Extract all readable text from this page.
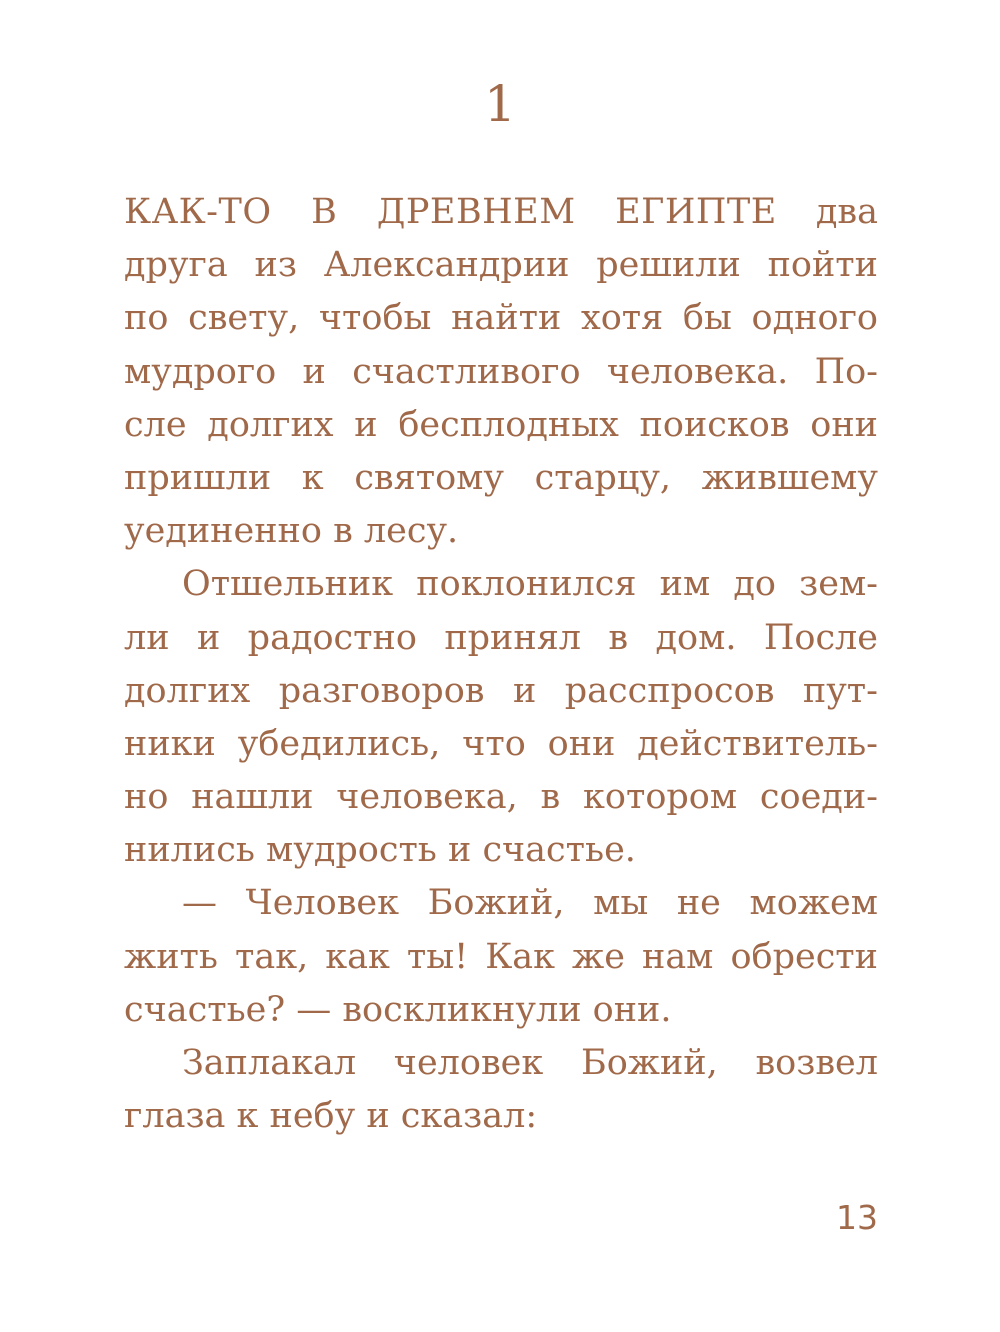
1
КАК-ТО В ДРЕВНЕМ ЕГИПТЕ два
друга из Александрии решили пойти
по свету, чтобы найти хотя бы одного
мудрого и счастливого человека. По-
сле долгих и бесплодных поисков они
пришли к святому старцу, жившему
уединенно в лесу.
Отшельник поклонился им до зем-
ли и радостно принял в дом. После
долгих разговоров и расспросов пут-
ники убедились, что они действитель-
но нашли человека, в котором соеди-
нились мудрость и счастье.
— Человек Божий, мы не можем
жить так, как ты! Как же нам обрести
счастье? — воскликнули они.
Заплакал человек Божий, возвел
глаза к небу и сказал:
13
